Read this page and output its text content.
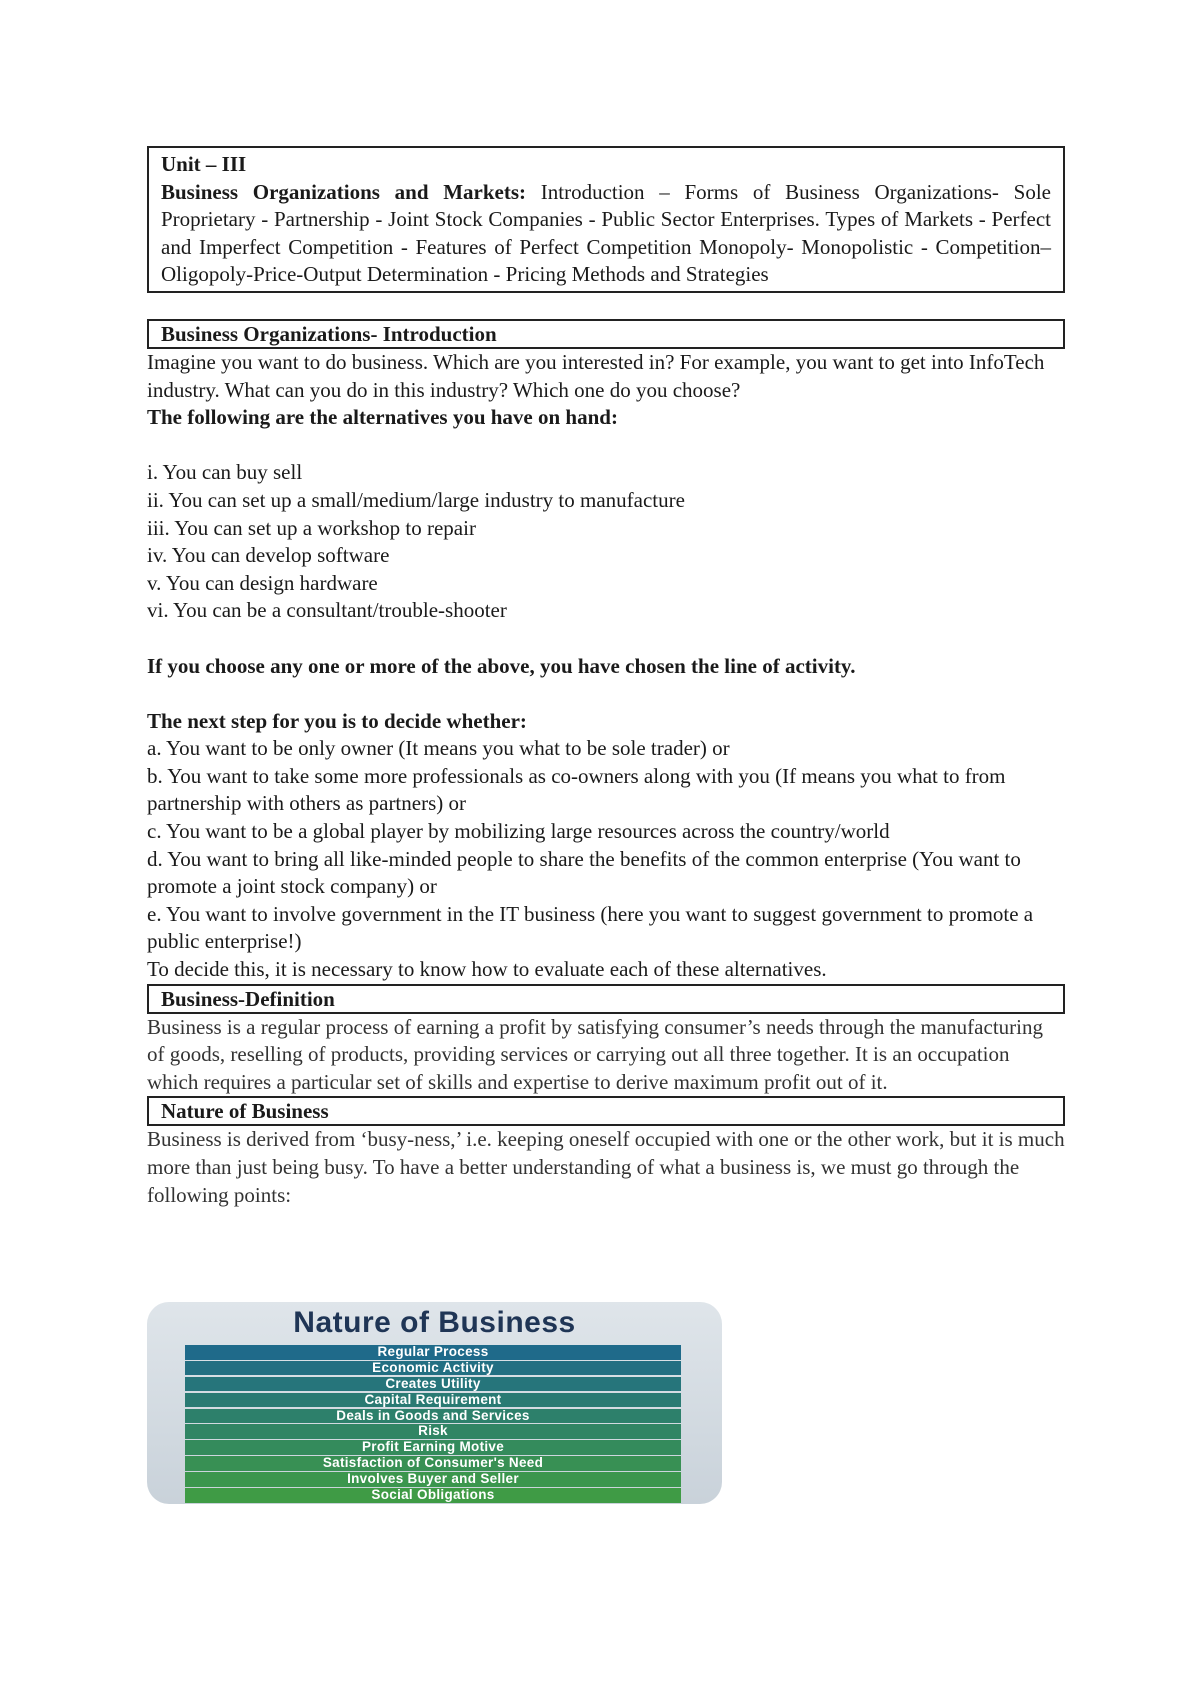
Unit – III
Business Organizations and Markets: Introduction – Forms of Business Organizations- Sole Proprietary - Partnership - Joint Stock Companies - Public Sector Enterprises. Types of Markets - Perfect and Imperfect Competition - Features of Perfect Competition Monopoly- Monopolistic - Competition– Oligopoly-Price-Output Determination - Pricing Methods and Strategies
Business Organizations- Introduction
Imagine you want to do business. Which are you interested in? For example, you want to get into InfoTech industry. What can you do in this industry? Which one do you choose?
The following are the alternatives you have on hand:
i. You can buy sell
ii. You can set up a small/medium/large industry to manufacture
iii. You can set up a workshop to repair
iv. You can develop software
v. You can design hardware
vi. You can be a consultant/trouble-shooter
If you choose any one or more of the above, you have chosen the line of activity.
The next step for you is to decide whether:
a. You want to be only owner (It means you what to be sole trader) or
b. You want to take some more professionals as co-owners along with you (If means you what to from partnership with others as partners) or
c. You want to be a global player by mobilizing large resources across the country/world
d. You want to bring all like-minded people to share the benefits of the common enterprise (You want to promote a joint stock company) or
e. You want to involve government in the IT business (here you want to suggest government to promote a public enterprise!)
To decide this, it is necessary to know how to evaluate each of these alternatives.
Business-Definition
Business is a regular process of earning a profit by satisfying consumer’s needs through the manufacturing of goods, reselling of products, providing services or carrying out all three together. It is an occupation which requires a particular set of skills and expertise to derive maximum profit out of it.
Nature of Business
Business is derived from ‘busy-ness,’ i.e. keeping oneself occupied with one or the other work, but it is much more than just being busy. To have a better understanding of what a business is, we must go through the following points:
Nature of Business
Regular Process
Economic Activity
Creates Utility
Capital Requirement
Deals in Goods and Services
Risk
Profit Earning Motive
Satisfaction of Consumer's Need
Involves Buyer and Seller
Social Obligations
